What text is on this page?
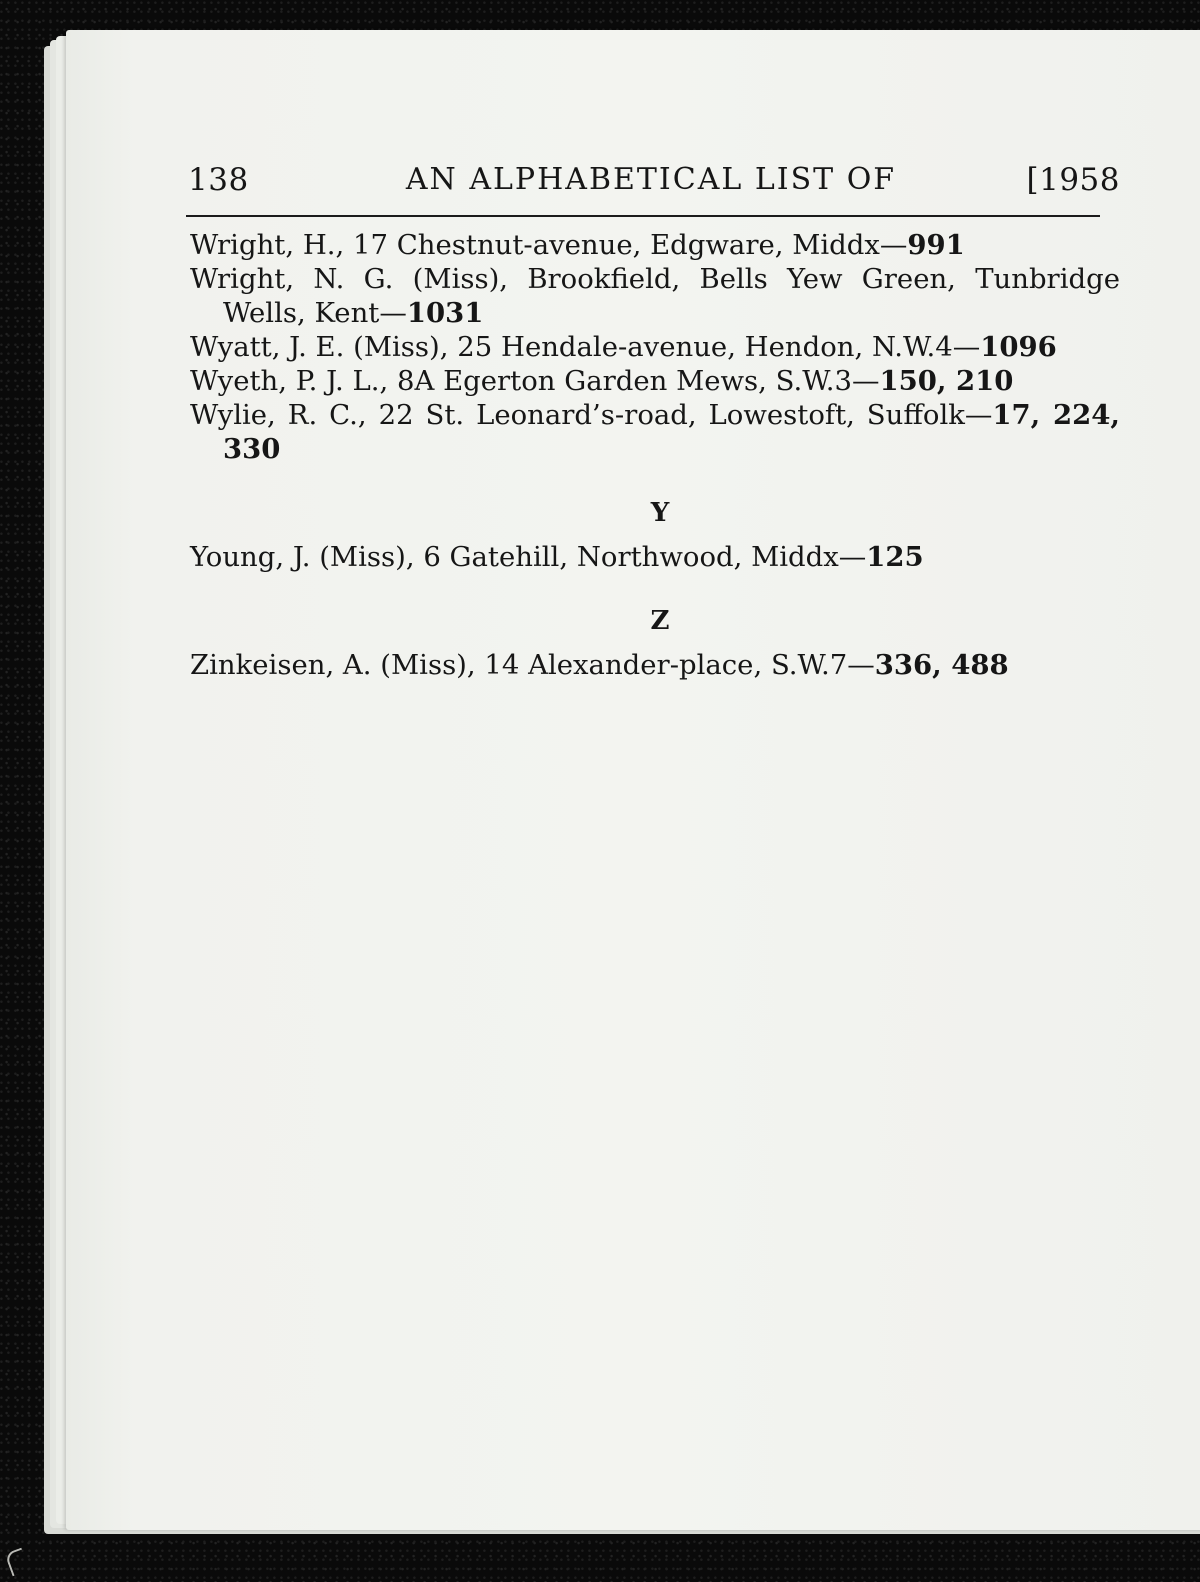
138	AN ALPHABETICAL LIST OF	[1958

Wright, H., 17 Chestnut-avenue, Edgware, Middx—991

Wright, N. G. (Miss), Brookfield, Bells Yew Green, Tunbridge Wells, Kent—1031

Wyatt, J. E. (Miss), 25 Hendale-avenue, Hendon, N.W.4—1096

Wyeth, P. J. L., 8A Egerton Garden Mews, S.W.3—150, 210

Wylie, R. C., 22 St. Leonard’s-road, Lowestoft, Suffolk—17, 224, 330

Y

Young, J. (Miss), 6 Gatehill, Northwood, Middx—125

Z

Zinkeisen, A. (Miss), 14 Alexander-place, S.W.7—336, 488
